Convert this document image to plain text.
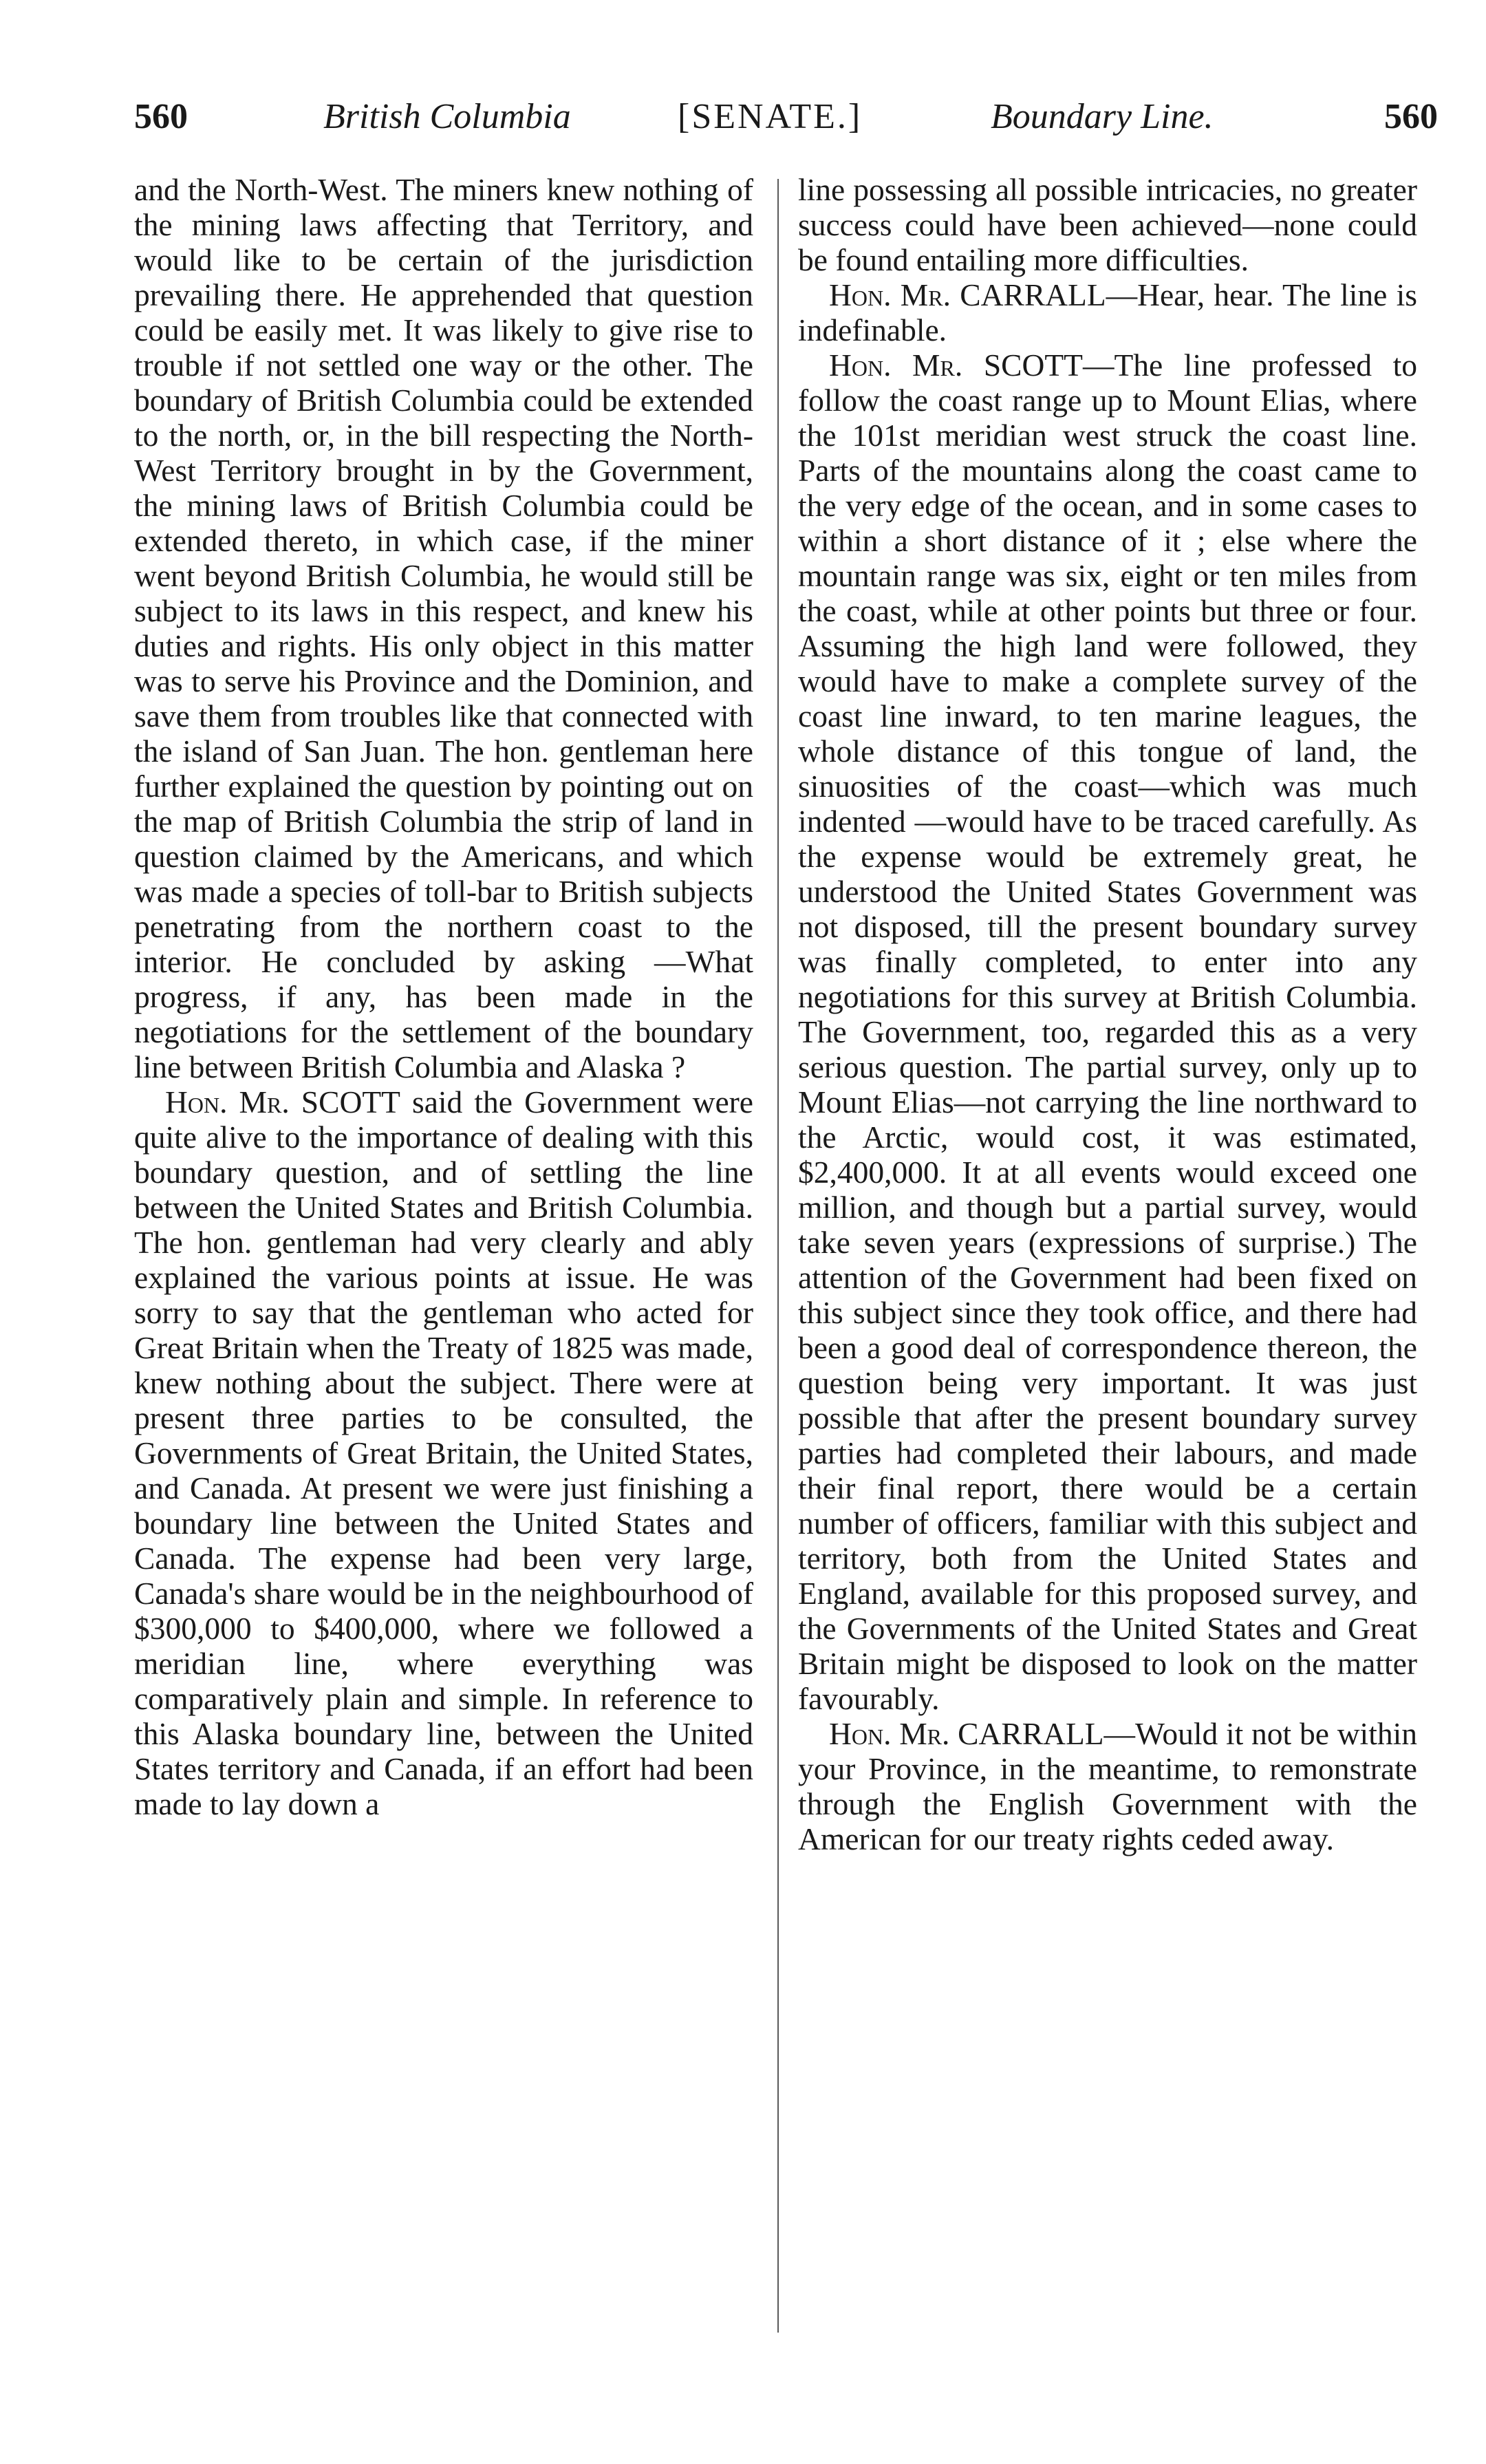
560	British Columbia	[SENATE.]	Boundary Line.	560

and the North-West. The miners knew nothing of the mining laws affecting that Territory, and would like to be certain of the jurisdiction prevailing there. He apprehended that question could be easily met. It was likely to give rise to trouble if not settled one way or the other. The boundary of British Columbia could be extended to the north, or, in the bill respecting the North-West Territory brought in by the Government, the mining laws of British Columbia could be extended thereto, in which case, if the miner went beyond British Columbia, he would still be subject to its laws in this respect, and knew his duties and rights. His only object in this matter was to serve his Province and the Dominion, and save them from troubles like that connected with the island of San Juan. The hon. gentleman here further explained the question by pointing out on the map of British Columbia the strip of land in question claimed by the Americans, and which was made a species of toll-bar to British subjects penetrating from the northern coast to the interior. He concluded by asking —What progress, if any, has been made in the negotiations for the settlement of the boundary line between British Columbia and Alaska ?

Hon. Mr. SCOTT said the Government were quite alive to the importance of dealing with this boundary question, and of settling the line between the United States and British Columbia. The hon. gentleman had very clearly and ably explained the various points at issue. He was sorry to say that the gentleman who acted for Great Britain when the Treaty of 1825 was made, knew nothing about the subject. There were at present three parties to be consulted, the Governments of Great Britain, the United States, and Canada. At present we were just finishing a boundary line between the United States and Canada. The expense had been very large, Canada's share would be in the neighbourhood of $300,000 to $400,000, where we followed a meridian line, where everything was comparatively plain and simple. In reference to this Alaska boundary line, between the United States territory and Canada, if an effort had been made to lay down a

line possessing all possible intricacies, no greater success could have been achieved—none could be found entailing more difficulties.

Hon. Mr. CARRALL—Hear, hear. The line is indefinable.

Hon. Mr. SCOTT—The line professed to follow the coast range up to Mount Elias, where the 101st meridian west struck the coast line. Parts of the mountains along the coast came to the very edge of the ocean, and in some cases to within a short distance of it ; else where the mountain range was six, eight or ten miles from the coast, while at other points but three or four. Assuming the high land were followed, they would have to make a complete survey of the coast line inward, to ten marine leagues, the whole distance of this tongue of land, the sinuosities of the coast—which was much indented —would have to be traced carefully. As the expense would be extremely great, he understood the United States Government was not disposed, till the present boundary survey was finally completed, to enter into any negotiations for this survey at British Columbia. The Government, too, regarded this as a very serious question. The partial survey, only up to Mount Elias—not carrying the line northward to the Arctic, would cost, it was estimated, $2,400,000. It at all events would exceed one million, and though but a partial survey, would take seven years (expressions of surprise.) The attention of the Government had been fixed on this subject since they took office, and there had been a good deal of correspondence thereon, the question being very important. It was just possible that after the present boundary survey parties had completed their labours, and made their final report, there would be a certain number of officers, familiar with this subject and territory, both from the United States and England, available for this proposed survey, and the Governments of the United States and Great Britain might be disposed to look on the matter favourably.

Hon. Mr. CARRALL—Would it not be within your Province, in the meantime, to remonstrate through the English Government with the American for our treaty rights ceded away.
